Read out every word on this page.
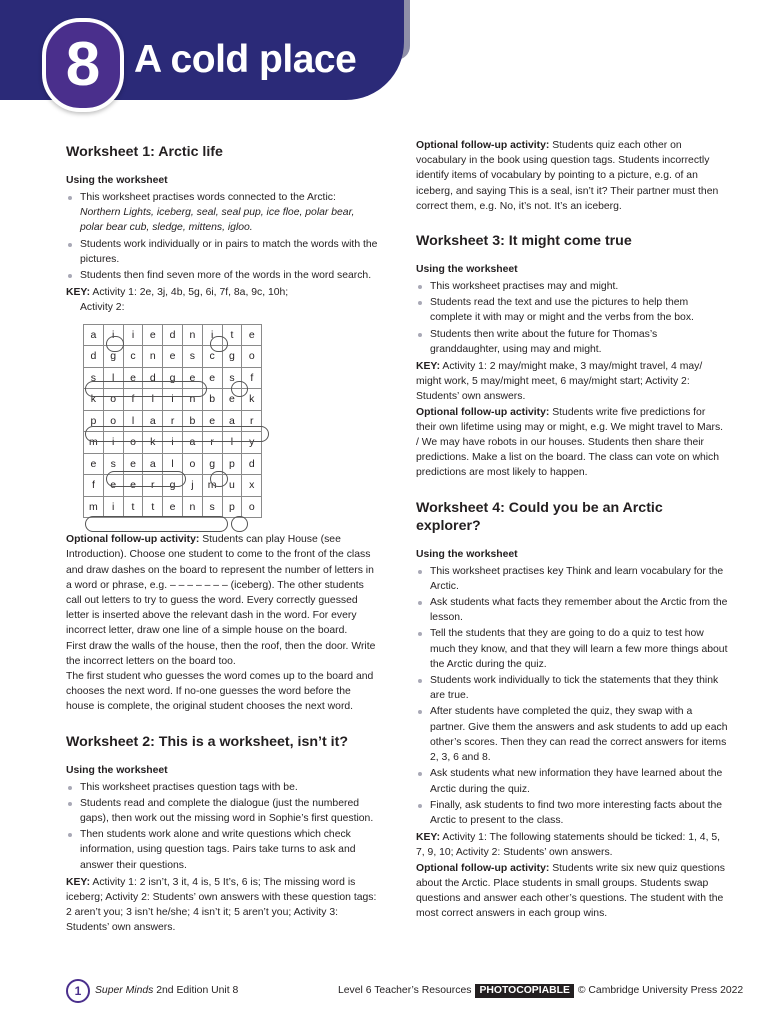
8 A cold place
Worksheet 1: Arctic life
Using the worksheet
This worksheet practises words connected to the Arctic:
Northern Lights, iceberg, seal, seal pup, ice floe, polar bear, polar bear cub, sledge, mittens, igloo.
Students work individually or in pairs to match the words with the pictures.
Students then find seven more of the words in the word search.

KEY: Activity 1: 2e, 3j, 4b, 5g, 6i, 7f, 8a, 9c, 10h;
Activity 2:

a	i	i	e	d	n	i	t	e
d	g	c	n	e	s	c	g	o
s	l	e	d	g	e	e	s	f
k	o	f	l	i	n	b	e	k
p	o	l	a	r	b	e	a	r
m	i	o	k	i	a	r	l	y
e	s	e	a	l	o	g	p	d
f	e	e	r	g	j	m	u	x
m	i	t	t	e	n	s	p	o

Optional follow-up activity: Students can play House (see Introduction). Choose one student to come to the front of the class and draw dashes on the board to represent the number of letters in a word or phrase, e.g. – – – – – – – (iceberg). The other students call out letters to try to guess the word. Every correctly guessed letter is inserted above the relevant dash in the word. For every incorrect letter, draw one line of a simple house on the board.

First draw the walls of the house, then the roof, then the door. Write the incorrect letters on the board too.

The first student who guesses the word comes up to the board and chooses the next word. If no-one guesses the word before the house is complete, the original student chooses the next word.

Worksheet 2: This is a worksheet, isn’t it?
Using the worksheet
This worksheet practises question tags with be.
Students read and complete the dialogue (just the numbered gaps), then work out the missing word in Sophie’s first question.
Then students work alone and write questions which check information, using question tags. Pairs take turns to ask and answer their questions.

KEY: Activity 1: 2 isn’t, 3 it, 4 is, 5 It’s, 6 is; The missing word is iceberg; Activity 2: Students’ own answers with these question tags: 2 aren’t you; 3 isn’t he/she; 4 isn’t it; 5 aren’t you; Activity 3: Students’ own answers.

Optional follow-up activity: Students quiz each other on vocabulary in the book using question tags. Students incorrectly identify items of vocabulary by pointing to a picture, e.g. of an iceberg, and saying This is a seal, isn’t it? Their partner must then correct them, e.g. No, it’s not. It’s an iceberg.

Worksheet 3: It might come true
Using the worksheet
This worksheet practises may and might.
Students read the text and use the pictures to help them complete it with may or might and the verbs from the box.
Students then write about the future for Thomas’s granddaughter, using may and might.

KEY: Activity 1: 2 may/might make, 3 may/might travel, 4 may/ might work, 5 may/might meet, 6 may/might start; Activity 2: Students’ own answers.

Optional follow-up activity: Students write five predictions for their own lifetime using may or might, e.g. We might travel to Mars. / We may have robots in our houses. Students then share their predictions. Make a list on the board. The class can vote on which predictions are most likely to happen.

Worksheet 4: Could you be an Arctic explorer?
Using the worksheet
This worksheet practises key Think and learn vocabulary for the Arctic.
Ask students what facts they remember about the Arctic from the lesson.
Tell the students that they are going to do a quiz to test how much they know, and that they will learn a few more things about the Arctic during the quiz.
Students work individually to tick the statements that they think are true.
After students have completed the quiz, they swap with a partner. Give them the answers and ask students to add up each other’s scores. Then they can read the correct answers for items 2, 3, 6 and 8.
Ask students what new information they have learned about the Arctic during the quiz.
Finally, ask students to find two more interesting facts about the Arctic to present to the class.

KEY: Activity 1: The following statements should be ticked: 1, 4, 5, 7, 9, 10; Activity 2: Students’ own answers.

Optional follow-up activity: Students write six new quiz questions about the Arctic. Place students in small groups. Students swap questions and answer each other’s questions. The student with the most correct answers in each group wins.

1	Super Minds 2nd Edition Unit 8	Level 6 Teacher’s Resources PHOTOCOPIABLE © Cambridge University Press 2022
